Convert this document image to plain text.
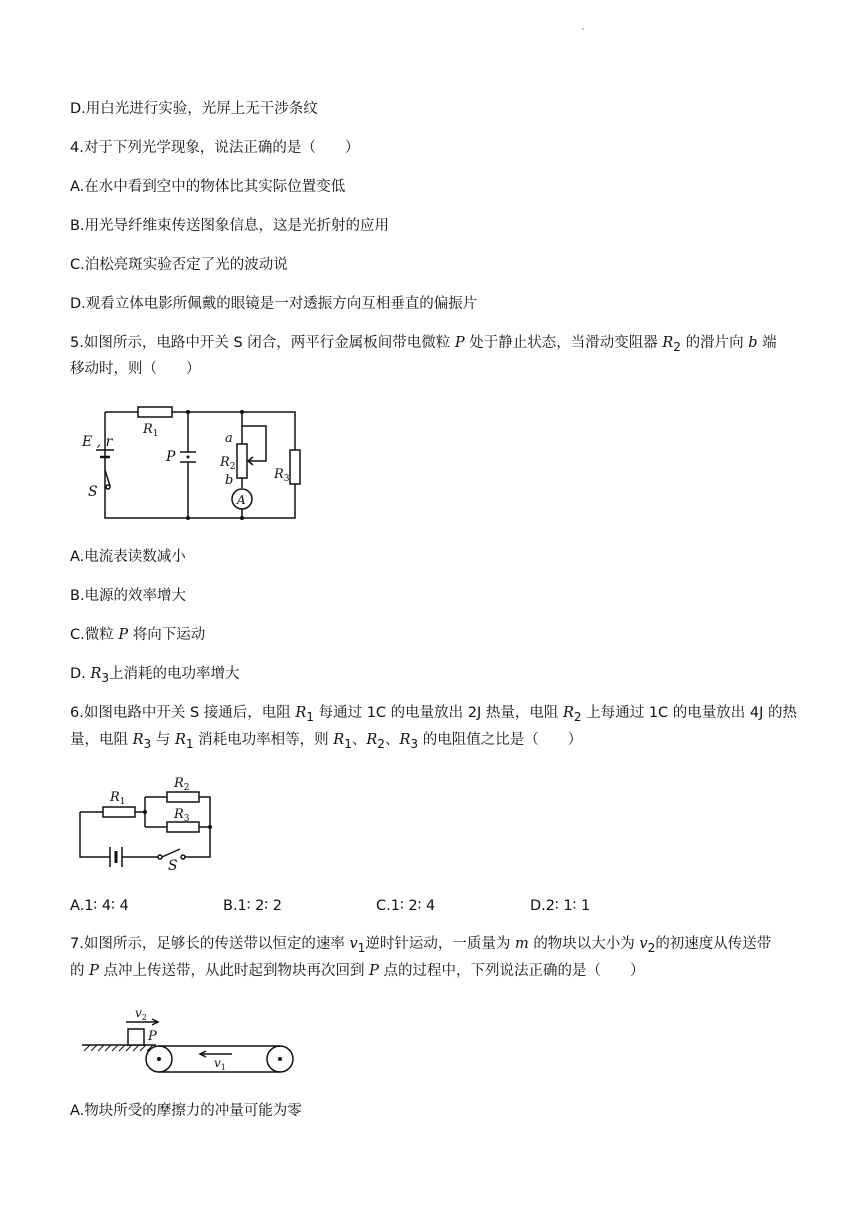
D.用白光进行实验，光屏上无干涉条纹
4.对于下列光学现象，说法正确的是（　　）
A.在水中看到空中的物体比其实际位置变低
B.用光导纤维束传送图象信息，这是光折射的应用
C.泊松亮斑实验否定了光的波动说
D.观看立体电影所佩戴的眼镜是一对透振方向互相垂直的偏振片
5.如图所示，电路中开关 S 闭合，两平行金属板间带电微粒 P 处于静止状态，当滑动变阻器 $R_2$ 的滑片向 b 端
移动时，则（　　）
E , r
$R_1$
P
a
$R_2$
b	$R_3$
S	A
A.电流表读数减小
B.电源的效率增大
C.微粒 P 将向下运动
D. $R_3$上消耗的电功率增大
6.如图电路中开关 S 接通后，电阻 $R_1$ 每通过 1C 的电量放出 2J 热量，电阻 $R_2$ 上每通过 1C 的电量放出 4J 的热
量，电阻 $R_3$ 与 $R_1$ 消耗电功率相等，则 $R_1$、$R_2$、$R_3$ 的电阻值之比是（　　）
$R_1$
$R_2$
$R_3$
S
A.1∶ 4∶ 4	B.1∶ 2∶ 2	C.1∶ 2∶ 4	D.2∶ 1∶ 1
7.如图所示，足够长的传送带以恒定的速率 $v_1$逆时针运动，一质量为 m 的物块以大小为 $v_2$的初速度从传送带
的 P 点冲上传送带，从此时起到物块再次回到 P 点的过程中，下列说法正确的是（　　）
$v_2$
P
$v_1$
A.物块所受的摩擦力的冲量可能为零
